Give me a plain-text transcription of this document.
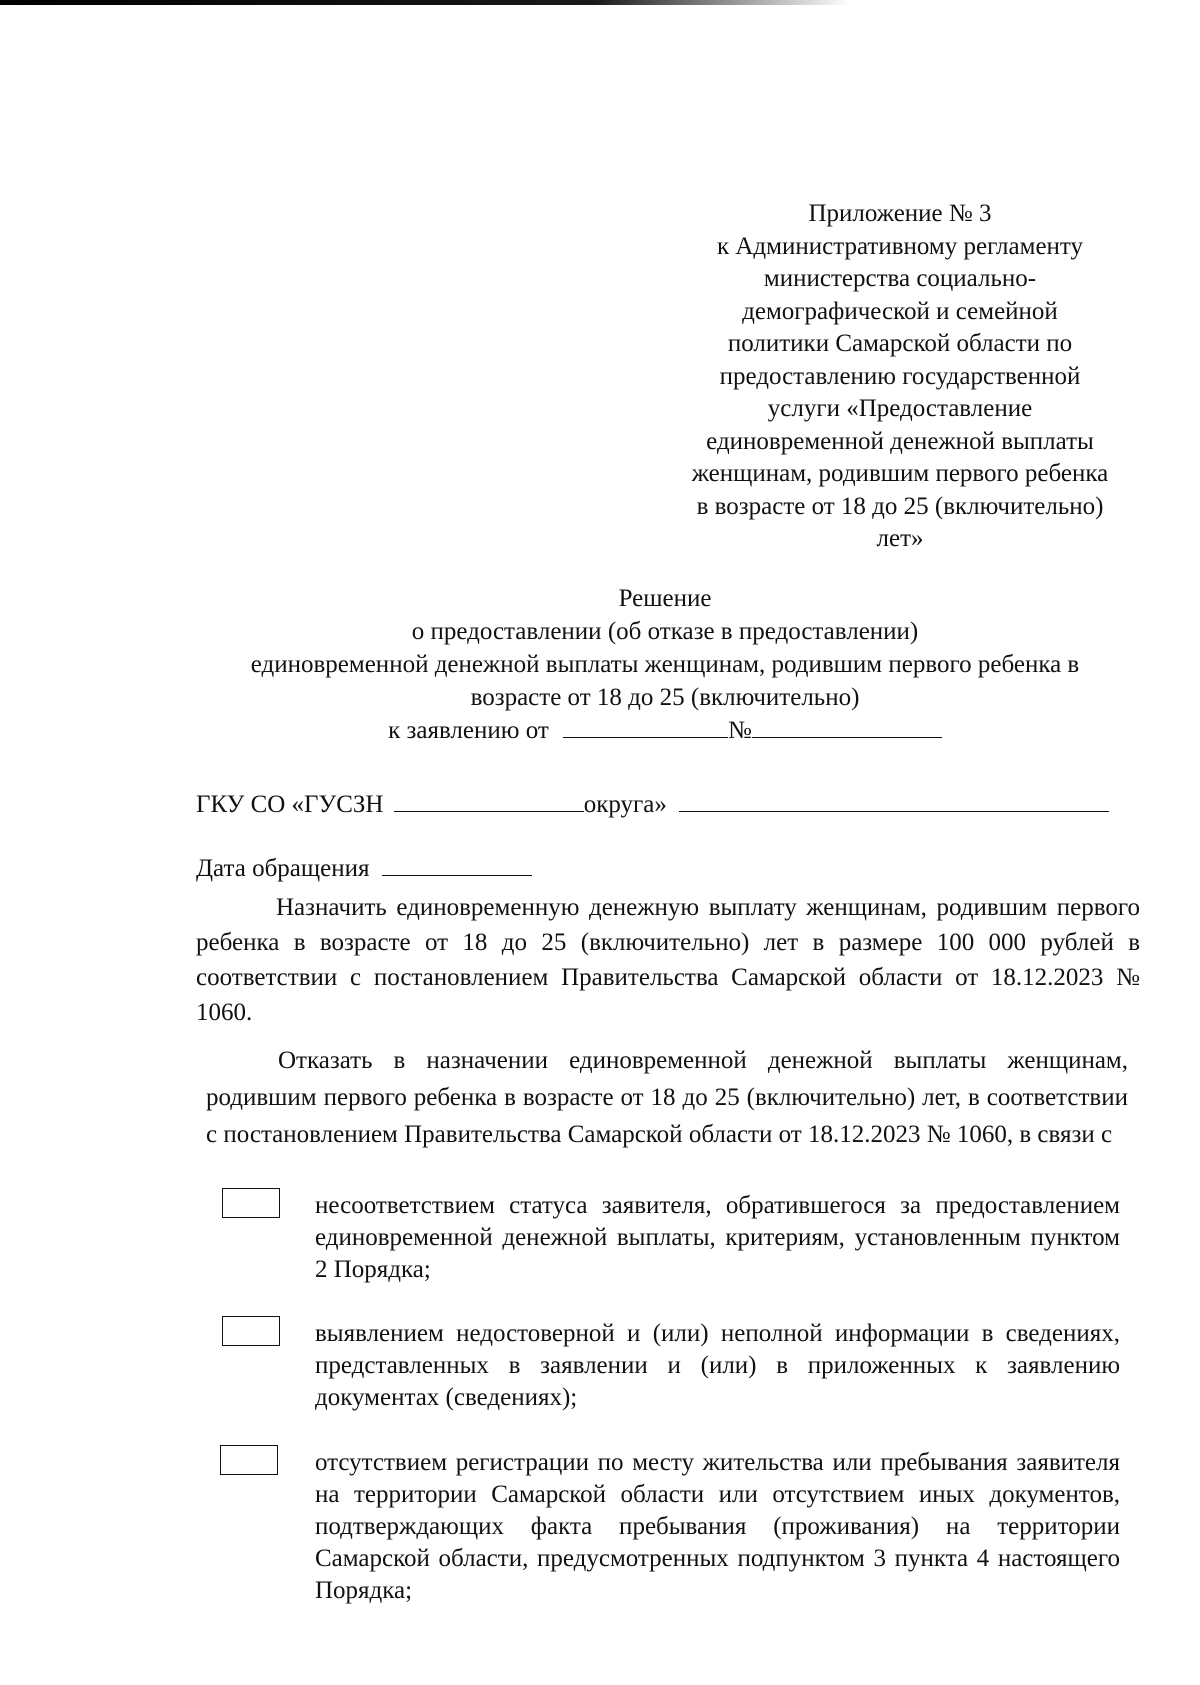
Приложение № 3
к Административному регламенту
министерства социально-
демографической и семейной
политики Самарской области по
предоставлению государственной
услуги «Предоставление
единовременной денежной выплаты
женщинам, родившим первого ребенка
в возрасте от 18 до 25 (включительно)
лет»
Решение
о предоставлении (об отказе в предоставлении)
единовременной денежной выплаты женщинам, родившим первого ребенка в
возрасте от 18 до 25 (включительно)
к заявлению от	№
ГКУ СО «ГУСЗН	округа»
Дата обращения
Назначить единовременную денежную выплату женщинам, родившим первого ребенка в возрасте от 18 до 25 (включительно) лет в размере 100 000 рублей в соответствии с постановлением Правительства Самарской области от 18.12.2023 № 1060.
Отказать в назначении единовременной денежной выплаты женщинам, родившим первого ребенка в возрасте от 18 до 25 (включительно) лет, в соответствии с постановлением Правительства Самарской области от 18.12.2023 № 1060, в связи с
несоответствием статуса заявителя, обратившегося за предоставлением единовременной денежной выплаты, критериям, установленным пунктом 2 Порядка;
выявлением недостоверной и (или) неполной информации в сведениях, представленных в заявлении и (или) в приложенных к заявлению документах (сведениях);
отсутствием регистрации по месту жительства или пребывания заявителя на территории Самарской области или отсутствием иных документов, подтверждающих факта пребывания (проживания) на территории Самарской области, предусмотренных подпунктом 3 пункта 4 настоящего Порядка;
